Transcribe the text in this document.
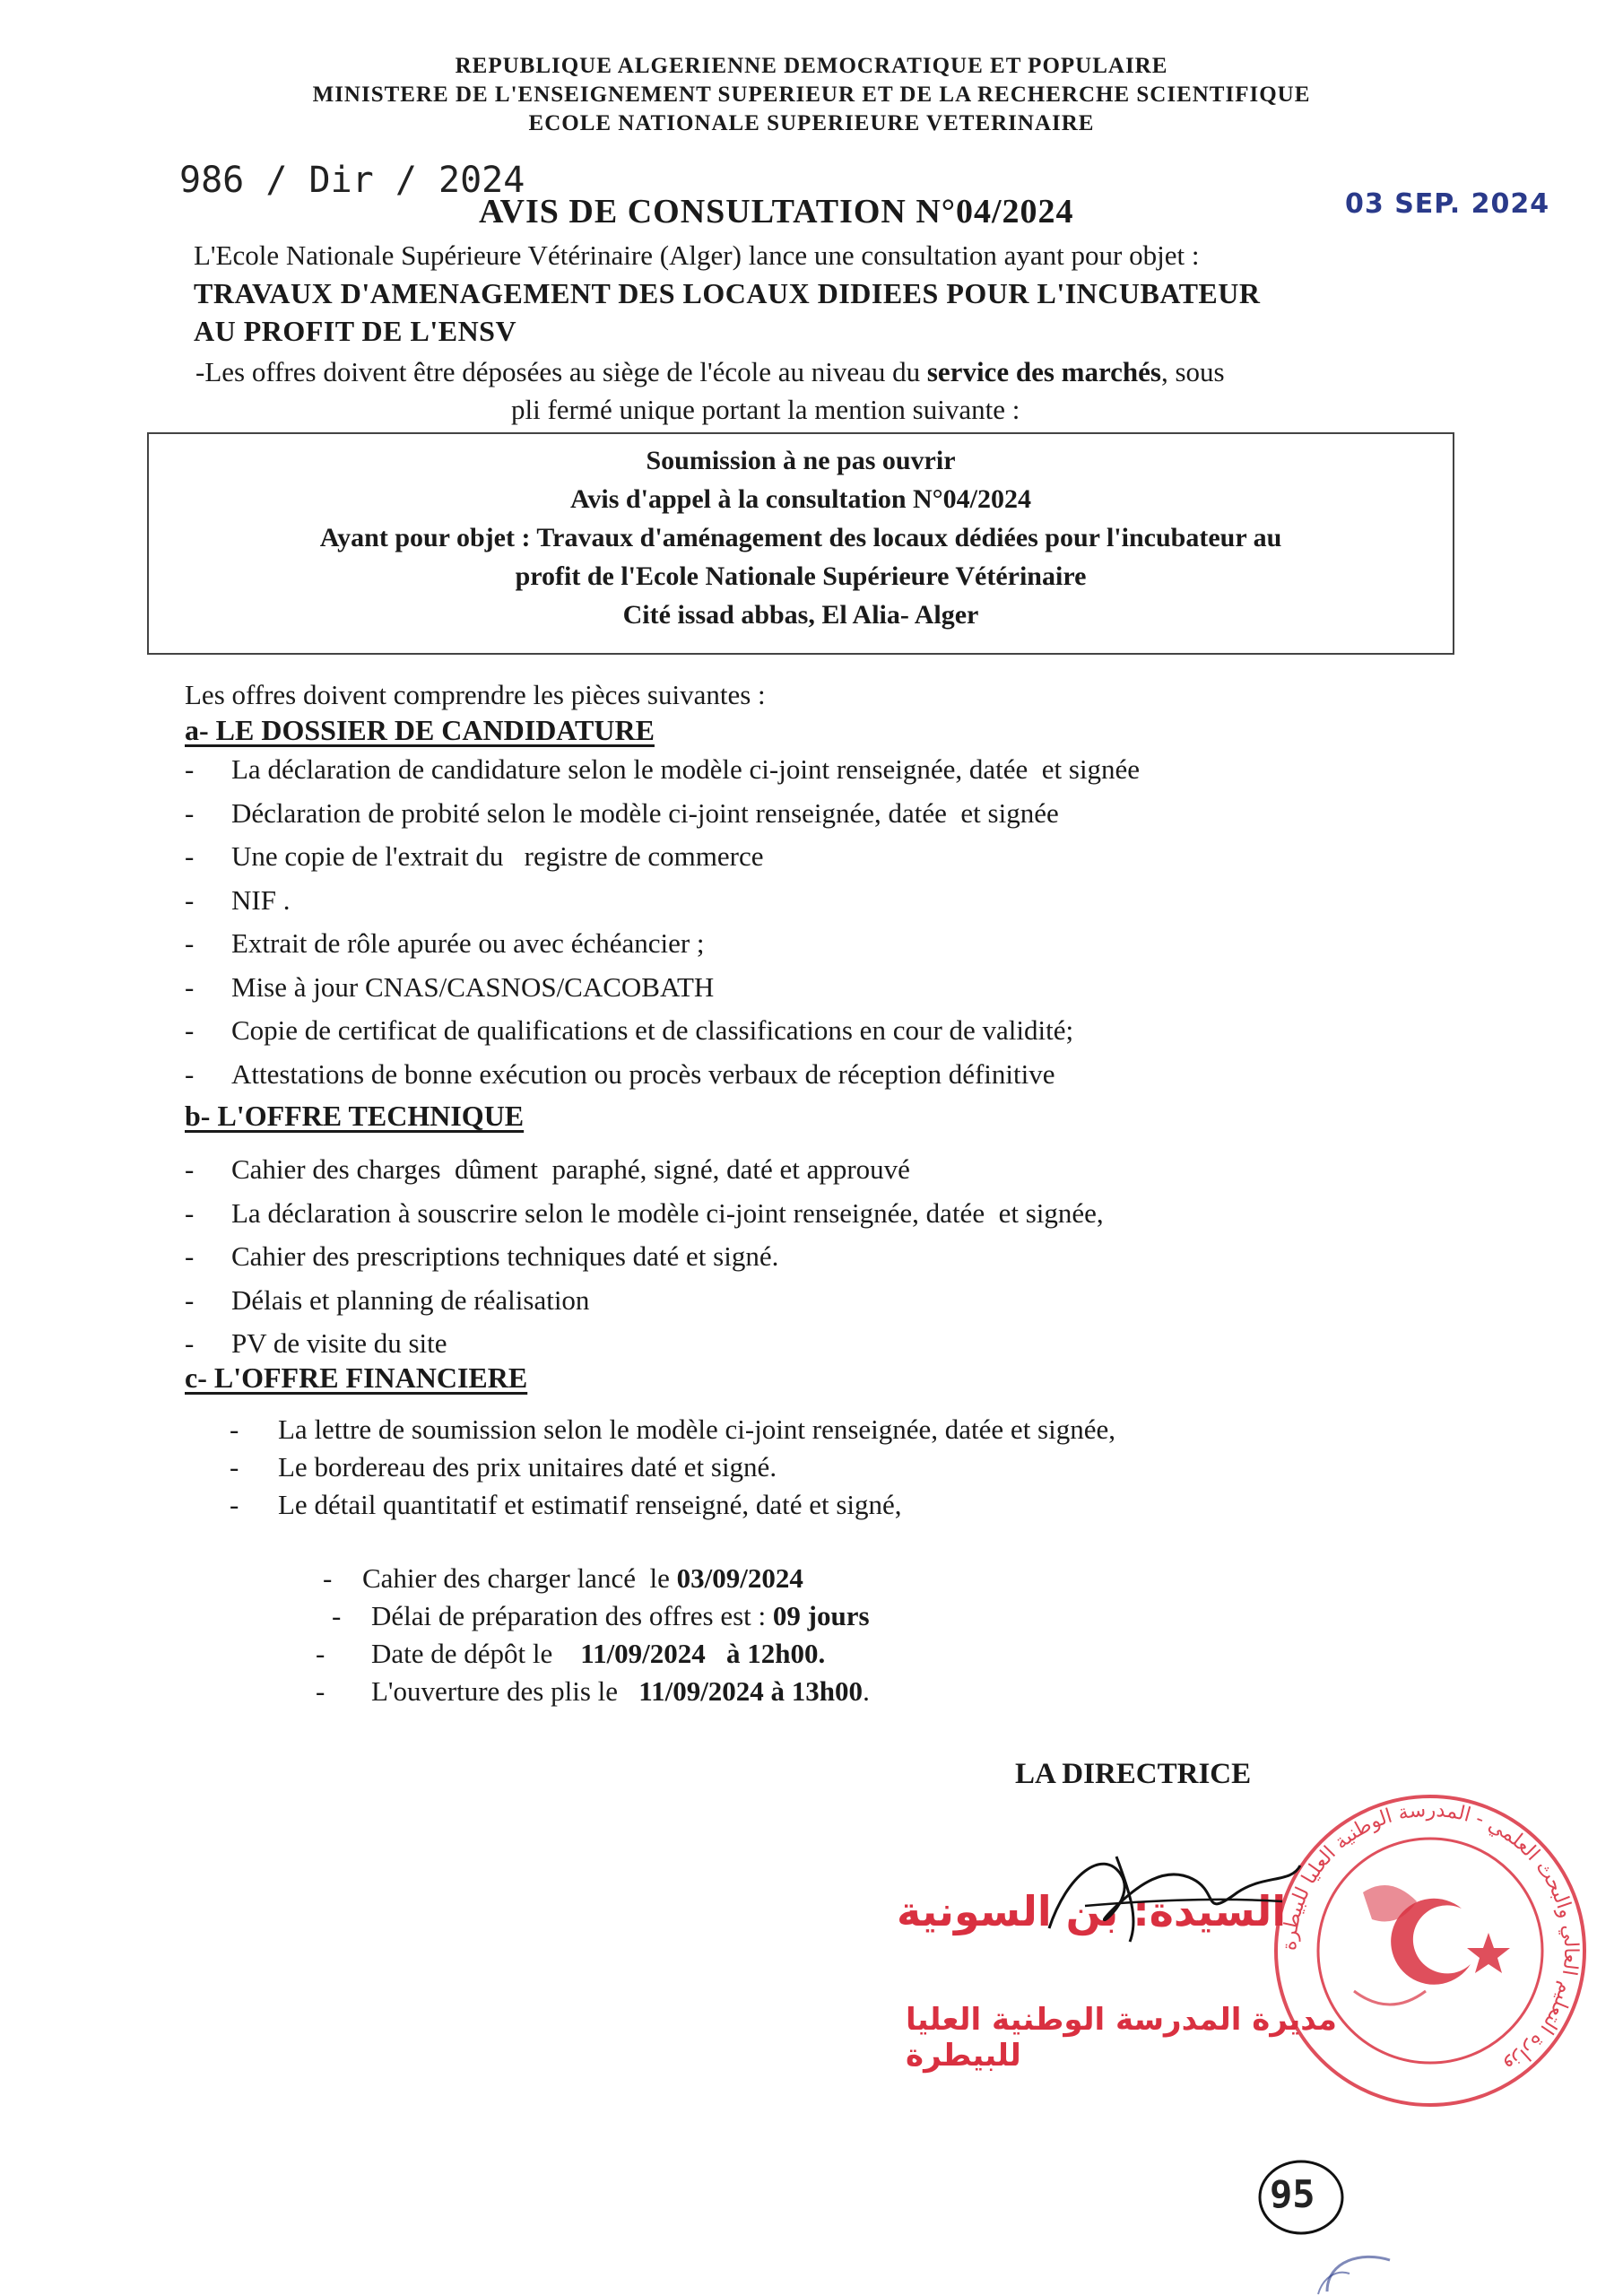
REPUBLIQUE ALGERIENNE DEMOCRATIQUE ET POPULAIRE
MINISTERE DE L'ENSEIGNEMENT SUPERIEUR ET DE LA RECHERCHE SCIENTIFIQUE
ECOLE NATIONALE SUPERIEURE VETERINAIRE
986 / Dir / 2024
AVIS DE CONSULTATION N°04/2024	03 SEP. 2024
L'Ecole Nationale Supérieure Vétérinaire (Alger) lance une consultation ayant pour objet :
TRAVAUX D'AMENAGEMENT DES LOCAUX DIDIEES POUR L'INCUBATEUR
AU PROFIT DE L'ENSV
-Les offres doivent être déposées au siège de l'école au niveau du service des marchés, sous
pli fermé unique portant la mention suivante :
Soumission à ne pas ouvrir
Avis d'appel à la consultation N°04/2024
Ayant pour objet : Travaux d'aménagement des locaux dédiées pour l'incubateur au
profit de l'Ecole Nationale Supérieure Vétérinaire
Cité issad abbas, El Alia- Alger
Les offres doivent comprendre les pièces suivantes :
a- LE DOSSIER DE CANDIDATURE
- La déclaration de candidature selon le modèle ci-joint renseignée, datée  et signée
- Déclaration de probité selon le modèle ci-joint renseignée, datée  et signée
- Une copie de l'extrait du   registre de commerce
- NIF .
- Extrait de rôle apurée ou avec échéancier ;
- Mise à jour CNAS/CASNOS/CACOBATH
- Copie de certificat de qualifications et de classifications en cour de validité;
- Attestations de bonne exécution ou procès verbaux de réception définitive
b- L'OFFRE TECHNIQUE
- Cahier des charges  dûment  paraphé, signé, daté et approuvé
- La déclaration à souscrire selon le modèle ci-joint renseignée, datée  et signée,
- Cahier des prescriptions techniques daté et signé.
- Délais et planning de réalisation
- PV de visite du site
c- L'OFFRE FINANCIERE
- La lettre de soumission selon le modèle ci-joint renseignée, datée et signée,
- Le bordereau des prix unitaires daté et signé.
- Le détail quantitatif et estimatif renseigné, daté et signé,
- Cahier des charger lancé  le 03/09/2024
- Délai de préparation des offres est : 09 jours
- Date de dépôt le    11/09/2024   à 12h00.
- L'ouverture des plis le   11/09/2024 à 13h00.
LA DIRECTRICE
وزارة التعليم العالي والبحث العلمي - المدرسة الوطنية العليا للبيطرة
السيدة: بن السونية
مديرة المدرسة الوطنية العليا للبيطرة
95
